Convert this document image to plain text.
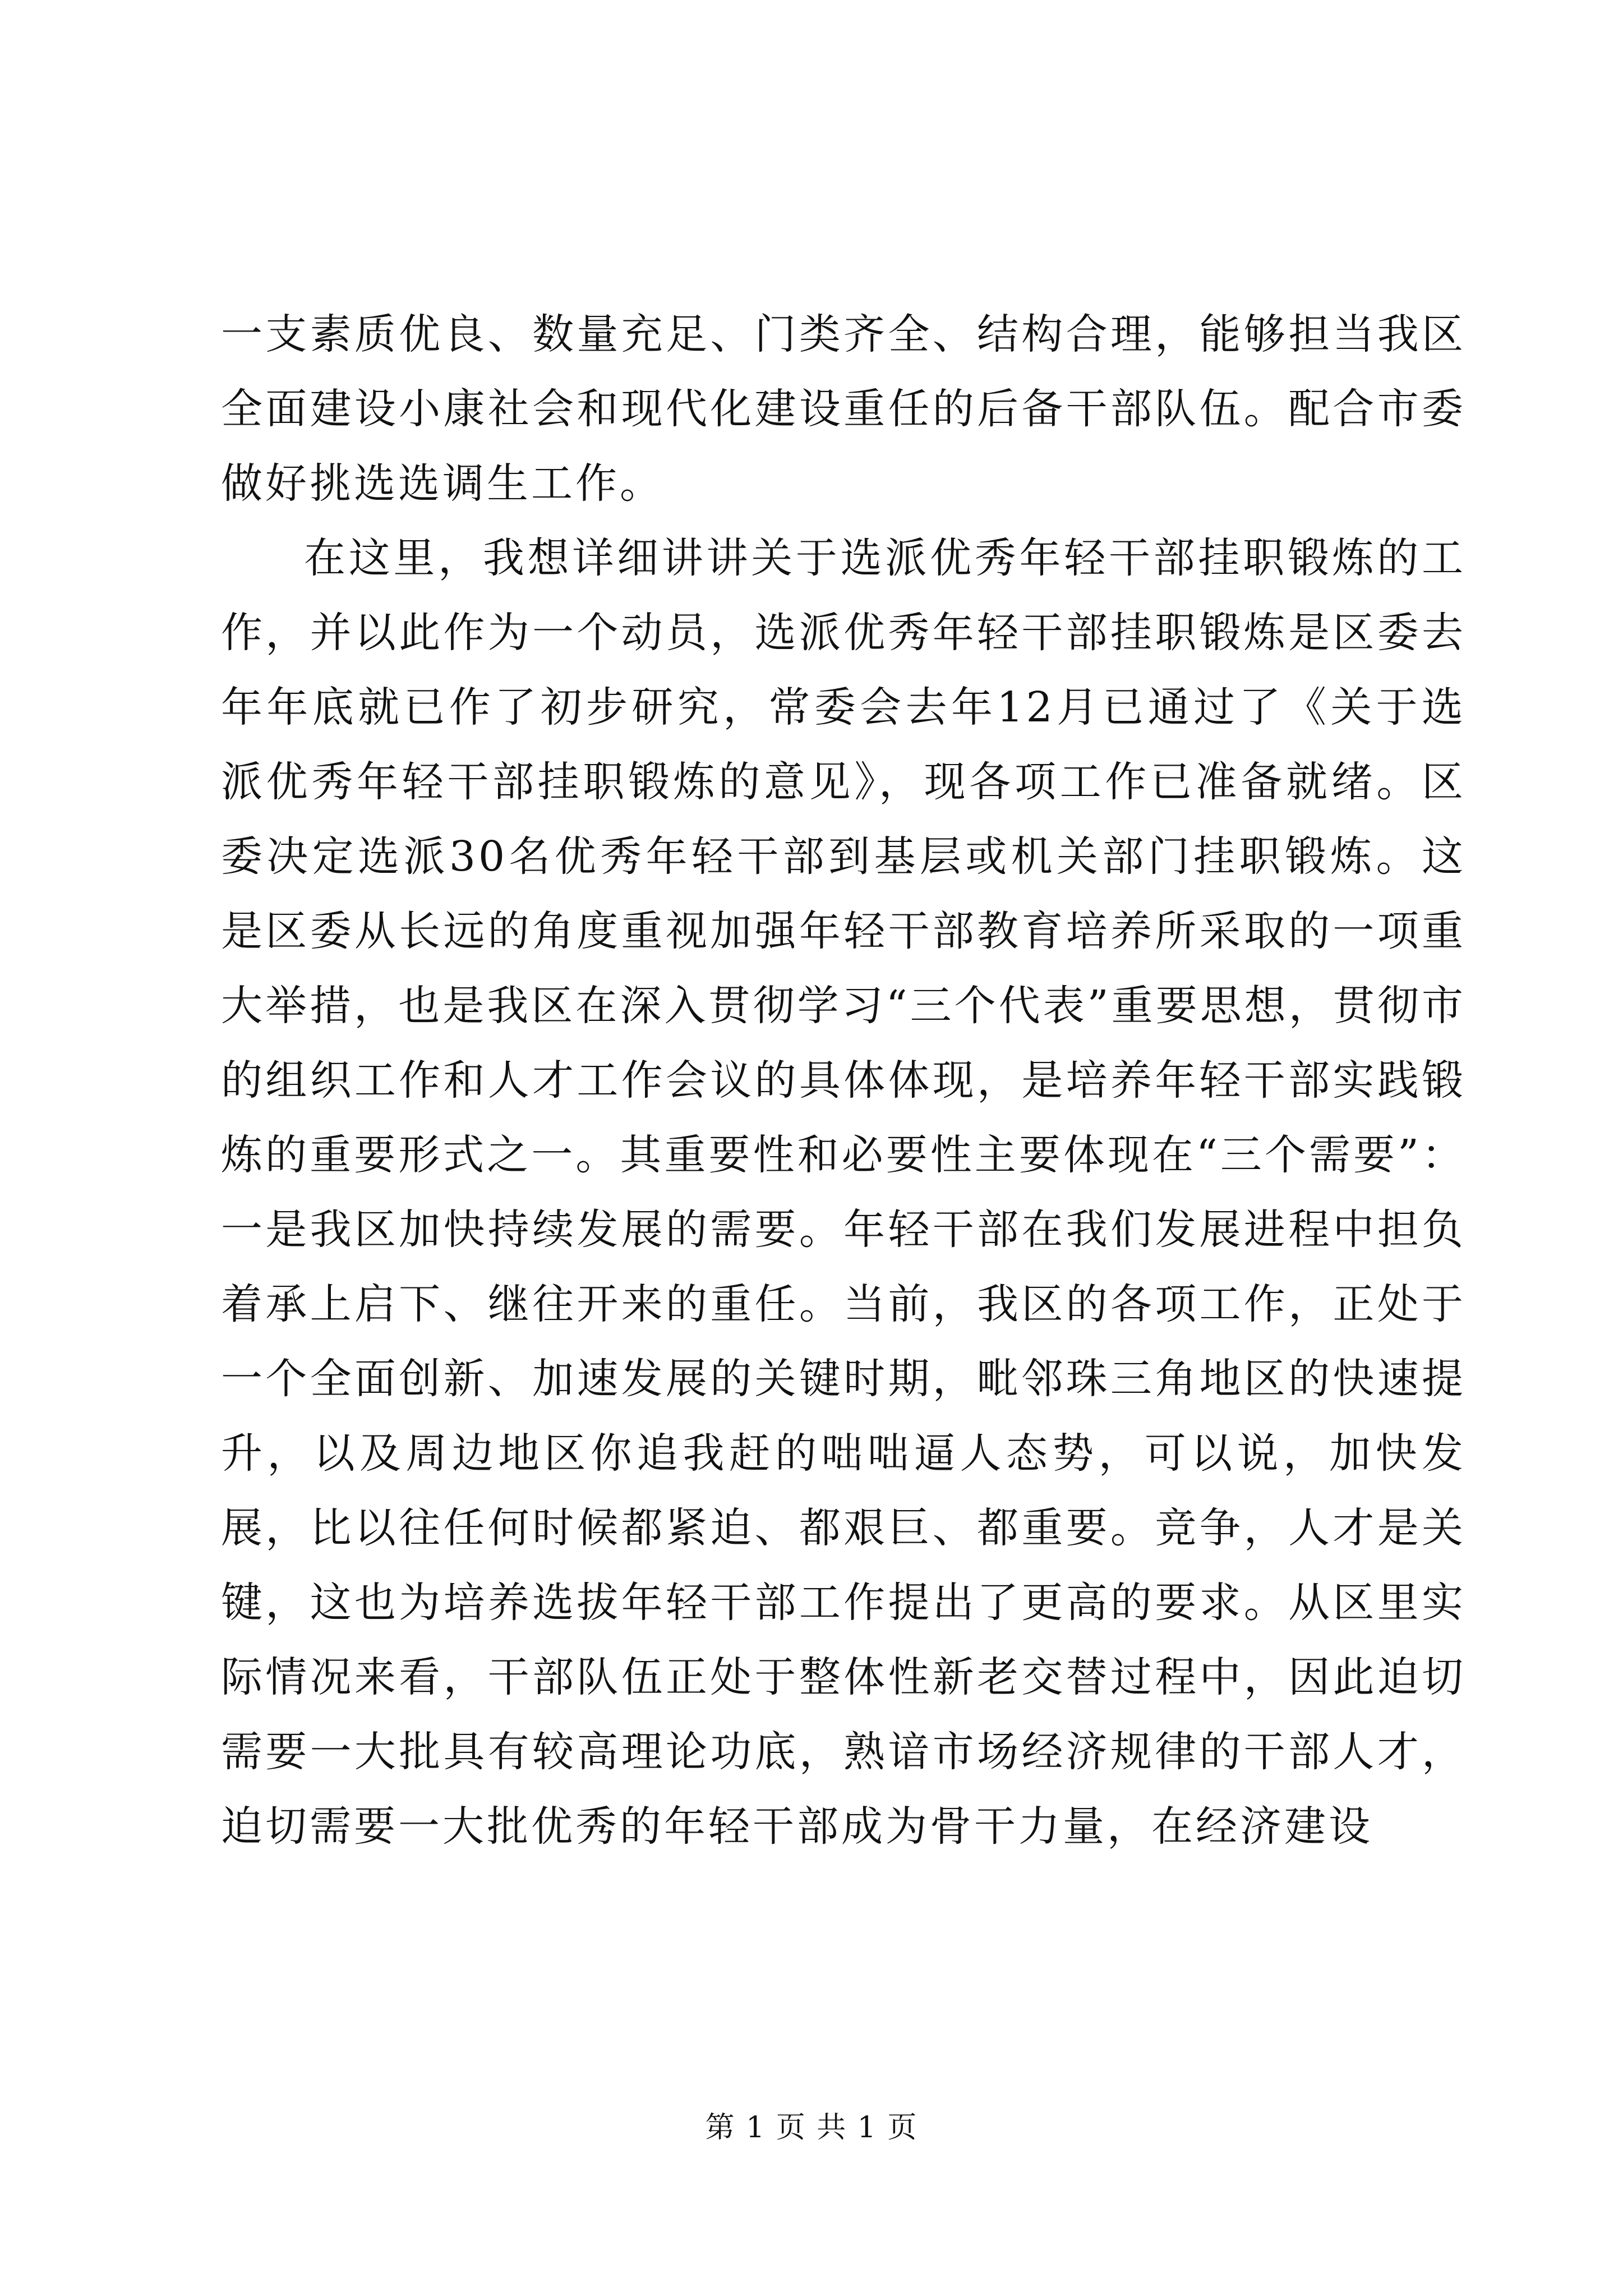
一支素质优良、数量充足、门类齐全、结构合理，能够担当我区全面建设小康社会和现代化建设重任的后备干部队伍。配合市委做好挑选选调生工作。

在这里，我想详细讲讲关于选派优秀年轻干部挂职锻炼的工作，并以此作为一个动员，选派优秀年轻干部挂职锻炼是区委去年年底就已作了初步研究，常委会去年12月已通过了《关于选派优秀年轻干部挂职锻炼的意见》，现各项工作已准备就绪。区委决定选派30名优秀年轻干部到基层或机关部门挂职锻炼。这是区委从长远的角度重视加强年轻干部教育培养所采取的一项重大举措，也是我区在深入贯彻学习“三个代表”重要思想，贯彻市的组织工作和人才工作会议的具体体现，是培养年轻干部实践锻炼的重要形式之一。其重要性和必要性主要体现在“三个需要”：一是我区加快持续发展的需要。年轻干部在我们发展进程中担负着承上启下、继往开来的重任。当前，我区的各项工作，正处于一个全面创新、加速发展的关键时期，毗邻珠三角地区的快速提升，以及周边地区你追我赶的咄咄逼人态势，可以说，加快发展，比以往任何时候都紧迫、都艰巨、都重要。竞争，人才是关键，这也为培养选拔年轻干部工作提出了更高的要求。从区里实际情况来看，干部队伍正处于整体性新老交替过程中，因此迫切需要一大批具有较高理论功底，熟谙市场经济规律的干部人才，迫切需要一大批优秀的年轻干部成为骨干力量，在经济建设

第 1 页 共 1 页
